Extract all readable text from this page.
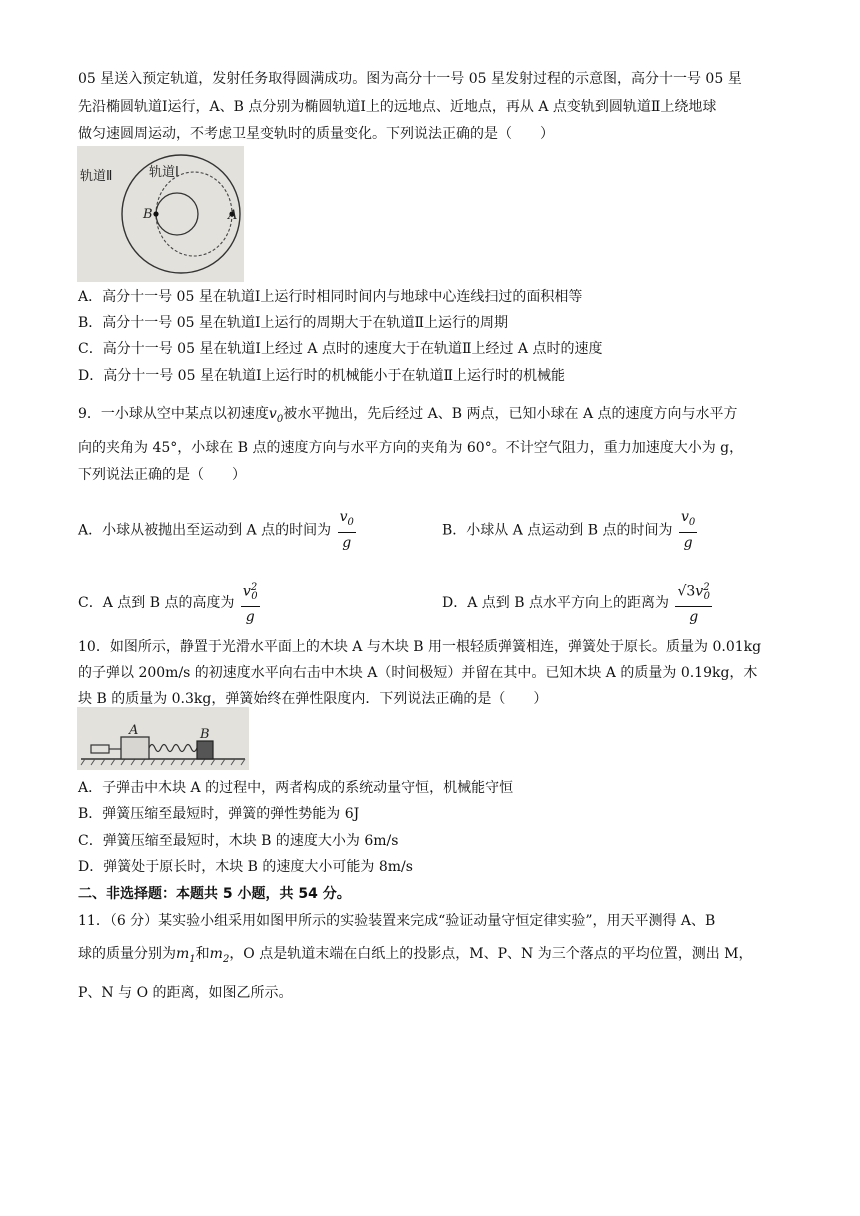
05 星送入预定轨道，发射任务取得圆满成功。图为高分十一号 05 星发射过程的示意图，高分十一号 05 星
先沿椭圆轨道Ⅰ运行，A、B 点分别为椭圆轨道Ⅰ上的远地点、近地点，再从 A 点变轨到圆轨道Ⅱ上绕地球
做匀速圆周运动，不考虑卫星变轨时的质量变化。下列说法正确的是（　　）
轨道Ⅱ	轨道Ⅰ
B	A
A．高分十一号 05 星在轨道Ⅰ上运行时相同时间内与地球中心连线扫过的面积相等
B．高分十一号 05 星在轨道Ⅰ上运行的周期大于在轨道Ⅱ上运行的周期
C．高分十一号 05 星在轨道Ⅰ上经过 A 点时的速度大于在轨道Ⅱ上经过 A 点时的速度
D．高分十一号 05 星在轨道Ⅰ上运行时的机械能小于在轨道Ⅱ上运行时的机械能
9．一小球从空中某点以初速度$v_0$被水平抛出，先后经过 A、B 两点，已知小球在 A 点的速度方向与水平方
向的夹角为 45°，小球在 B 点的速度方向与水平方向的夹角为 60°。不计空气阻力，重力加速度大小为 g，
下列说法正确的是（　　）
A．小球从被抛出至运动到 A 点的时间为 $\frac{v_0}{g}$	B．小球从 A 点运动到 B 点的时间为 $\frac{v_0}{g}$
C．A 点到 B 点的高度为 $\frac{v^2_0}{g}$	D．A 点到 B 点水平方向上的距离为 $\frac{√3v^2_0}{g}$
10．如图所示，静置于光滑水平面上的木块 A 与木块 B 用一根轻质弹簧相连，弹簧处于原长。质量为 0.01kg
的子弹以 200m/s 的初速度水平向右击中木块 A（时间极短）并留在其中。已知木块 A 的质量为 0.19kg，木
块 B 的质量为 0.3kg，弹簧始终在弹性限度内．下列说法正确的是（　　）
A	B
A．子弹击中木块 A 的过程中，两者构成的系统动量守恒，机械能守恒
B．弹簧压缩至最短时，弹簧的弹性势能为 6J
C．弹簧压缩至最短时，木块 B 的速度大小为 6m/s
D．弹簧处于原长时，木块 B 的速度大小可能为 8m/s
二、非选择题：本题共 5 小题，共 54 分。
11．（6 分）某实验小组采用如图甲所示的实验装置来完成“验证动量守恒定律实验”，用天平测得 A、B
球的质量分别为$m_1$和$m_2$，O 点是轨道末端在白纸上的投影点，M、P、N 为三个落点的平均位置，测出 M，
P、N 与 O 的距离，如图乙所示。
